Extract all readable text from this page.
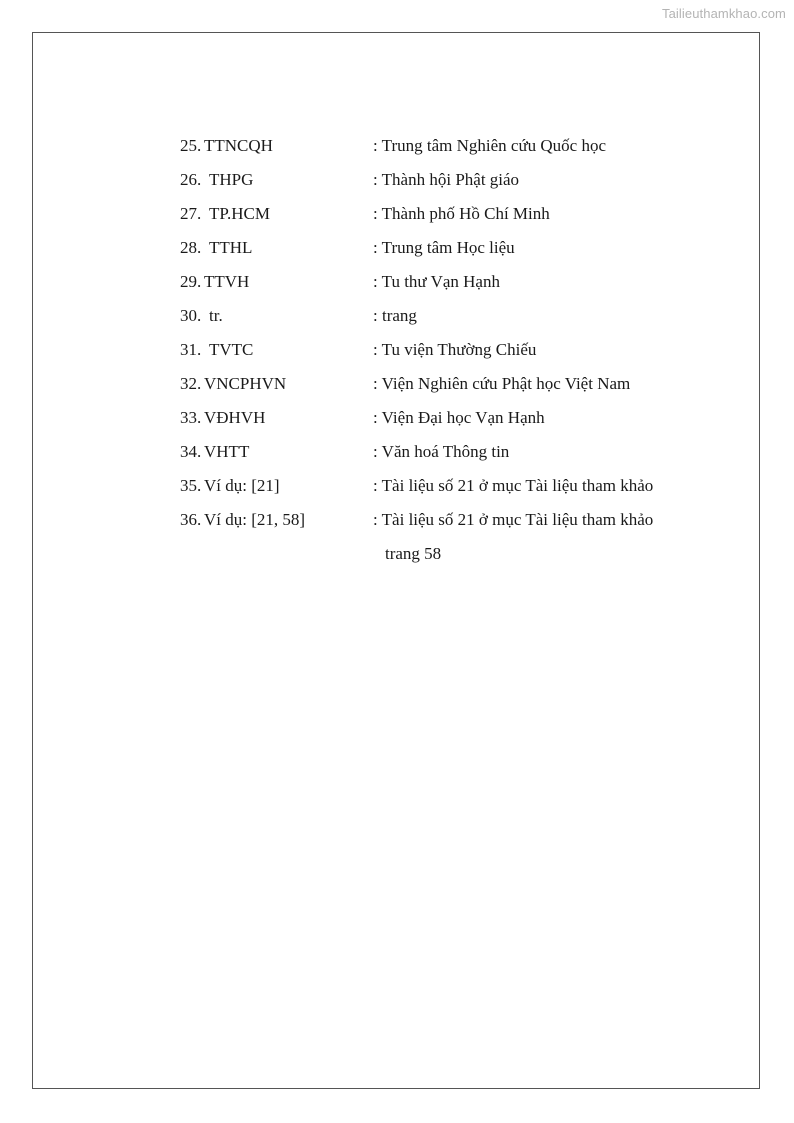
Tailieuthamkhao.com
25. TTNCQH	: Trung tâm Nghiên cứu Quốc học
26. THPG	: Thành hội Phật giáo
27. TP.HCM	: Thành phố Hồ Chí Minh
28. TTHL	: Trung tâm Học liệu
29. TTVH	: Tu thư Vạn Hạnh
30. tr.	: trang
31. TVTC	: Tu viện Thường Chiếu
32. VNCPHVN	: Viện Nghiên cứu Phật học Việt Nam
33. VĐHVH	: Viện Đại học Vạn Hạnh
34. VHTT	: Văn hoá Thông tin
35. Ví dụ: [21]	: Tài liệu số 21 ở mục Tài liệu tham khảo
36. Ví dụ: [21, 58]	: Tài liệu số 21 ở mục Tài liệu tham khảo
trang 58
